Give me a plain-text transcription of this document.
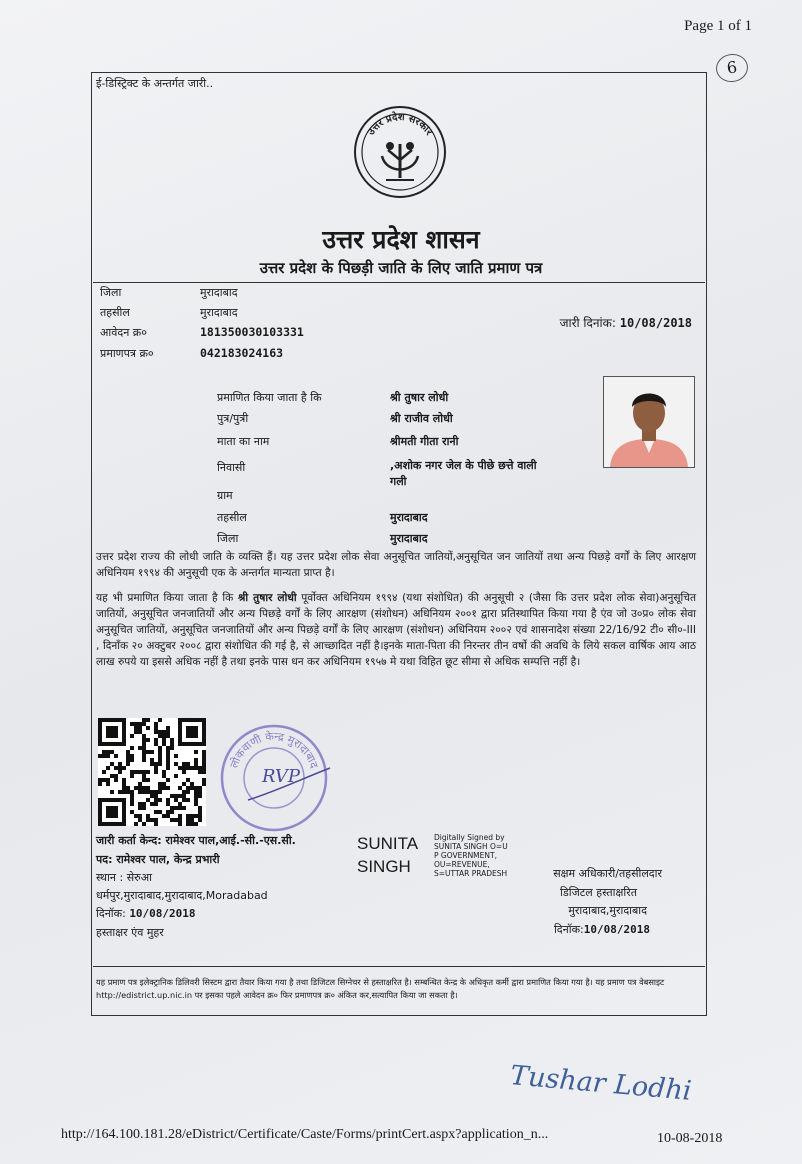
Page 1 of 1
6
ई-डिस्ट्रिक्ट के अन्तर्गत जारी..
उत्तर प्रदेश सरकार
उत्तर प्रदेश शासन
उत्तर प्रदेश के पिछड़ी जाति के लिए जाति प्रमाण पत्र
जिला	मुरादाबाद
तहसील	मुरादाबाद
आवेदन क्र०	181350030103331
प्रमाणपत्र क्र०	042183024163
जारी दिनांक: 10/08/2018
प्रमाणित किया जाता है कि	श्री तुषार लोधी
पुत्र/पुत्री	श्री राजीव लोधी
माता का नाम	श्रीमती गीता रानी
निवासी	,अशोक नगर जेल के पीछे छत्ते वाली
गली
ग्राम
तहसील	मुरादाबाद
जिला	मुरादाबाद
उत्तर प्रदेश राज्य की लोधी जाति के व्यक्ति हैं। यह उत्तर प्रदेश लोक सेवा अनुसूचित जातियों,अनुसूचित जन जातियों तथा अन्य पिछड़े वर्गों के लिए आरक्षण अधिनियम १९९४ की अनुसूची एक के अन्तर्गत मान्यता प्राप्त है।
यह भी प्रमाणित किया जाता है कि श्री तुषार लोधी पूर्वोक्त अधिनियम १९९४ (यथा संशोधित) की अनुसूची २ (जैसा कि उत्तर प्रदेश लोक सेवा)अनुसूचित जातियों, अनुसूचित जनजातियों और अन्य पिछड़े वर्गों के लिए आरक्षण (संशोधन) अधिनियम २००१ द्वारा प्रतिस्थापित किया गया है एंव जो उ०प्र० लोक सेवा अनुसूचित जातियों, अनुसूचित जनजातियों और अन्य पिछड़े वर्गों के लिए आरक्षण (संशोधन) अधिनियम २००२ एवं शासनादेश संख्या 22/16/92 टी० सी०-III , दिनाँक २० अक्टुबर २००८ द्वारा संशोधित की गई है, से आच्छादित नहीं है।इनके माता-पिता की निरन्तर तीन वर्षो की अवधि के लिये सकल वार्षिक आय आठ लाख रुपये या इससे अधिक नहीं है तथा इनके पास धन कर अधिनियम १९५७ मे यथा विहित छूट सीमा से अधिक सम्पत्ति नहीं है।
लोकवाणी केन्द्र मुरादाबाद
RVP
जारी कर्ता केन्द: रामेश्वर पाल,आई.-सी.-एस.सी.
पद: रामेश्वर पाल, केन्द्र प्रभारी
स्थान : सेरुआ
धर्मपुर,मुरादाबाद,मुरादाबाद,Moradabad
दिनॉक: 10/08/2018
हस्ताक्षर एंव मुहर
SUNITA
SINGH
Digitally Signed by
SUNITA SINGH O=U
P GOVERNMENT,
OU=REVENUE,
S=UTTAR PRADESH	सक्षम अधिकारी/तहसीलदार
डिजिटल हस्ताक्षरित
मुरादाबाद,मुरादाबाद
दिनॉक:10/08/2018
यह प्रमाण पत्र इलेक्ट्रानिक डिलिवरी सिस्टम द्वारा तैयार किया गया है तथा डिजिटल सिग्नेचर से हस्ताक्षरित है। सम्बन्धित केन्द्र के अधिकृत कर्मी द्वारा प्रमाणित किया गया है। यह प्रमाण पत्र वेबसाइट http://edistrict.up.nic.in पर इसका पहले आवेदन क्र० फिर प्रमाणपत्र क्र० अंकित कर,सत्यापित किया जा सकता है।
Tushar Lodhi
http://164.100.181.28/eDistrict/Certificate/Caste/Forms/printCert.aspx?application_n...	10-08-2018
